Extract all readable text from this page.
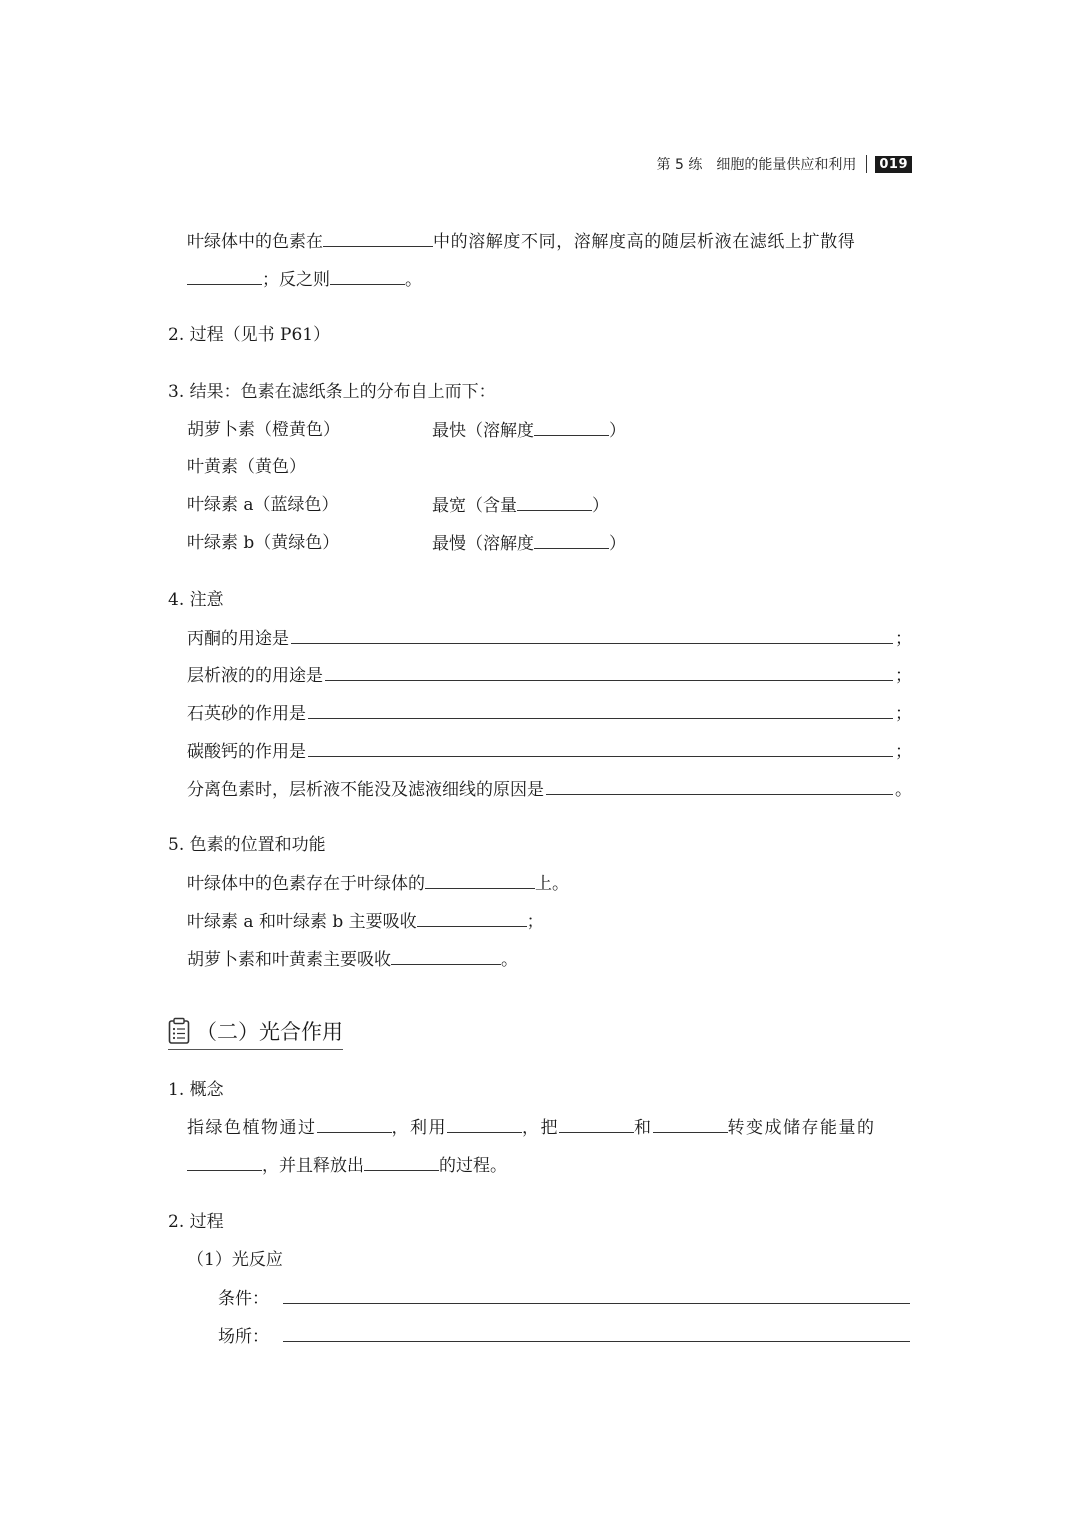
第 5 练 细胞的能量供应和利用	019
叶绿体中的色素在	中的溶解度不同，溶解度高的随层析液在滤纸上扩散得
；反之则	。
2. 过程（见书 P61）
3. 结果：色素在滤纸条上的分布自上而下：
胡萝卜素（橙黄色）	最快（溶解度	）
叶黄素（黄色）
叶绿素 a（蓝绿色）	最宽（含量	）
叶绿素 b（黄绿色）	最慢（溶解度	）
4. 注意
丙酮的用途是	；
层析液的的用途是	；
石英砂的作用是	；
碳酸钙的作用是	；
分离色素时，层析液不能没及滤液细线的原因是	。
5. 色素的位置和功能
叶绿体中的色素存在于叶绿体的	上。
叶绿素 a 和叶绿素 b 主要吸收	；
胡萝卜素和叶黄素主要吸收	。
（二）光合作用
1. 概念
指绿色植物通过	，利用	，把	和	转变成储存能量的
，并且释放出	的过程。
2. 过程
（1）光反应
条件：
场所：
